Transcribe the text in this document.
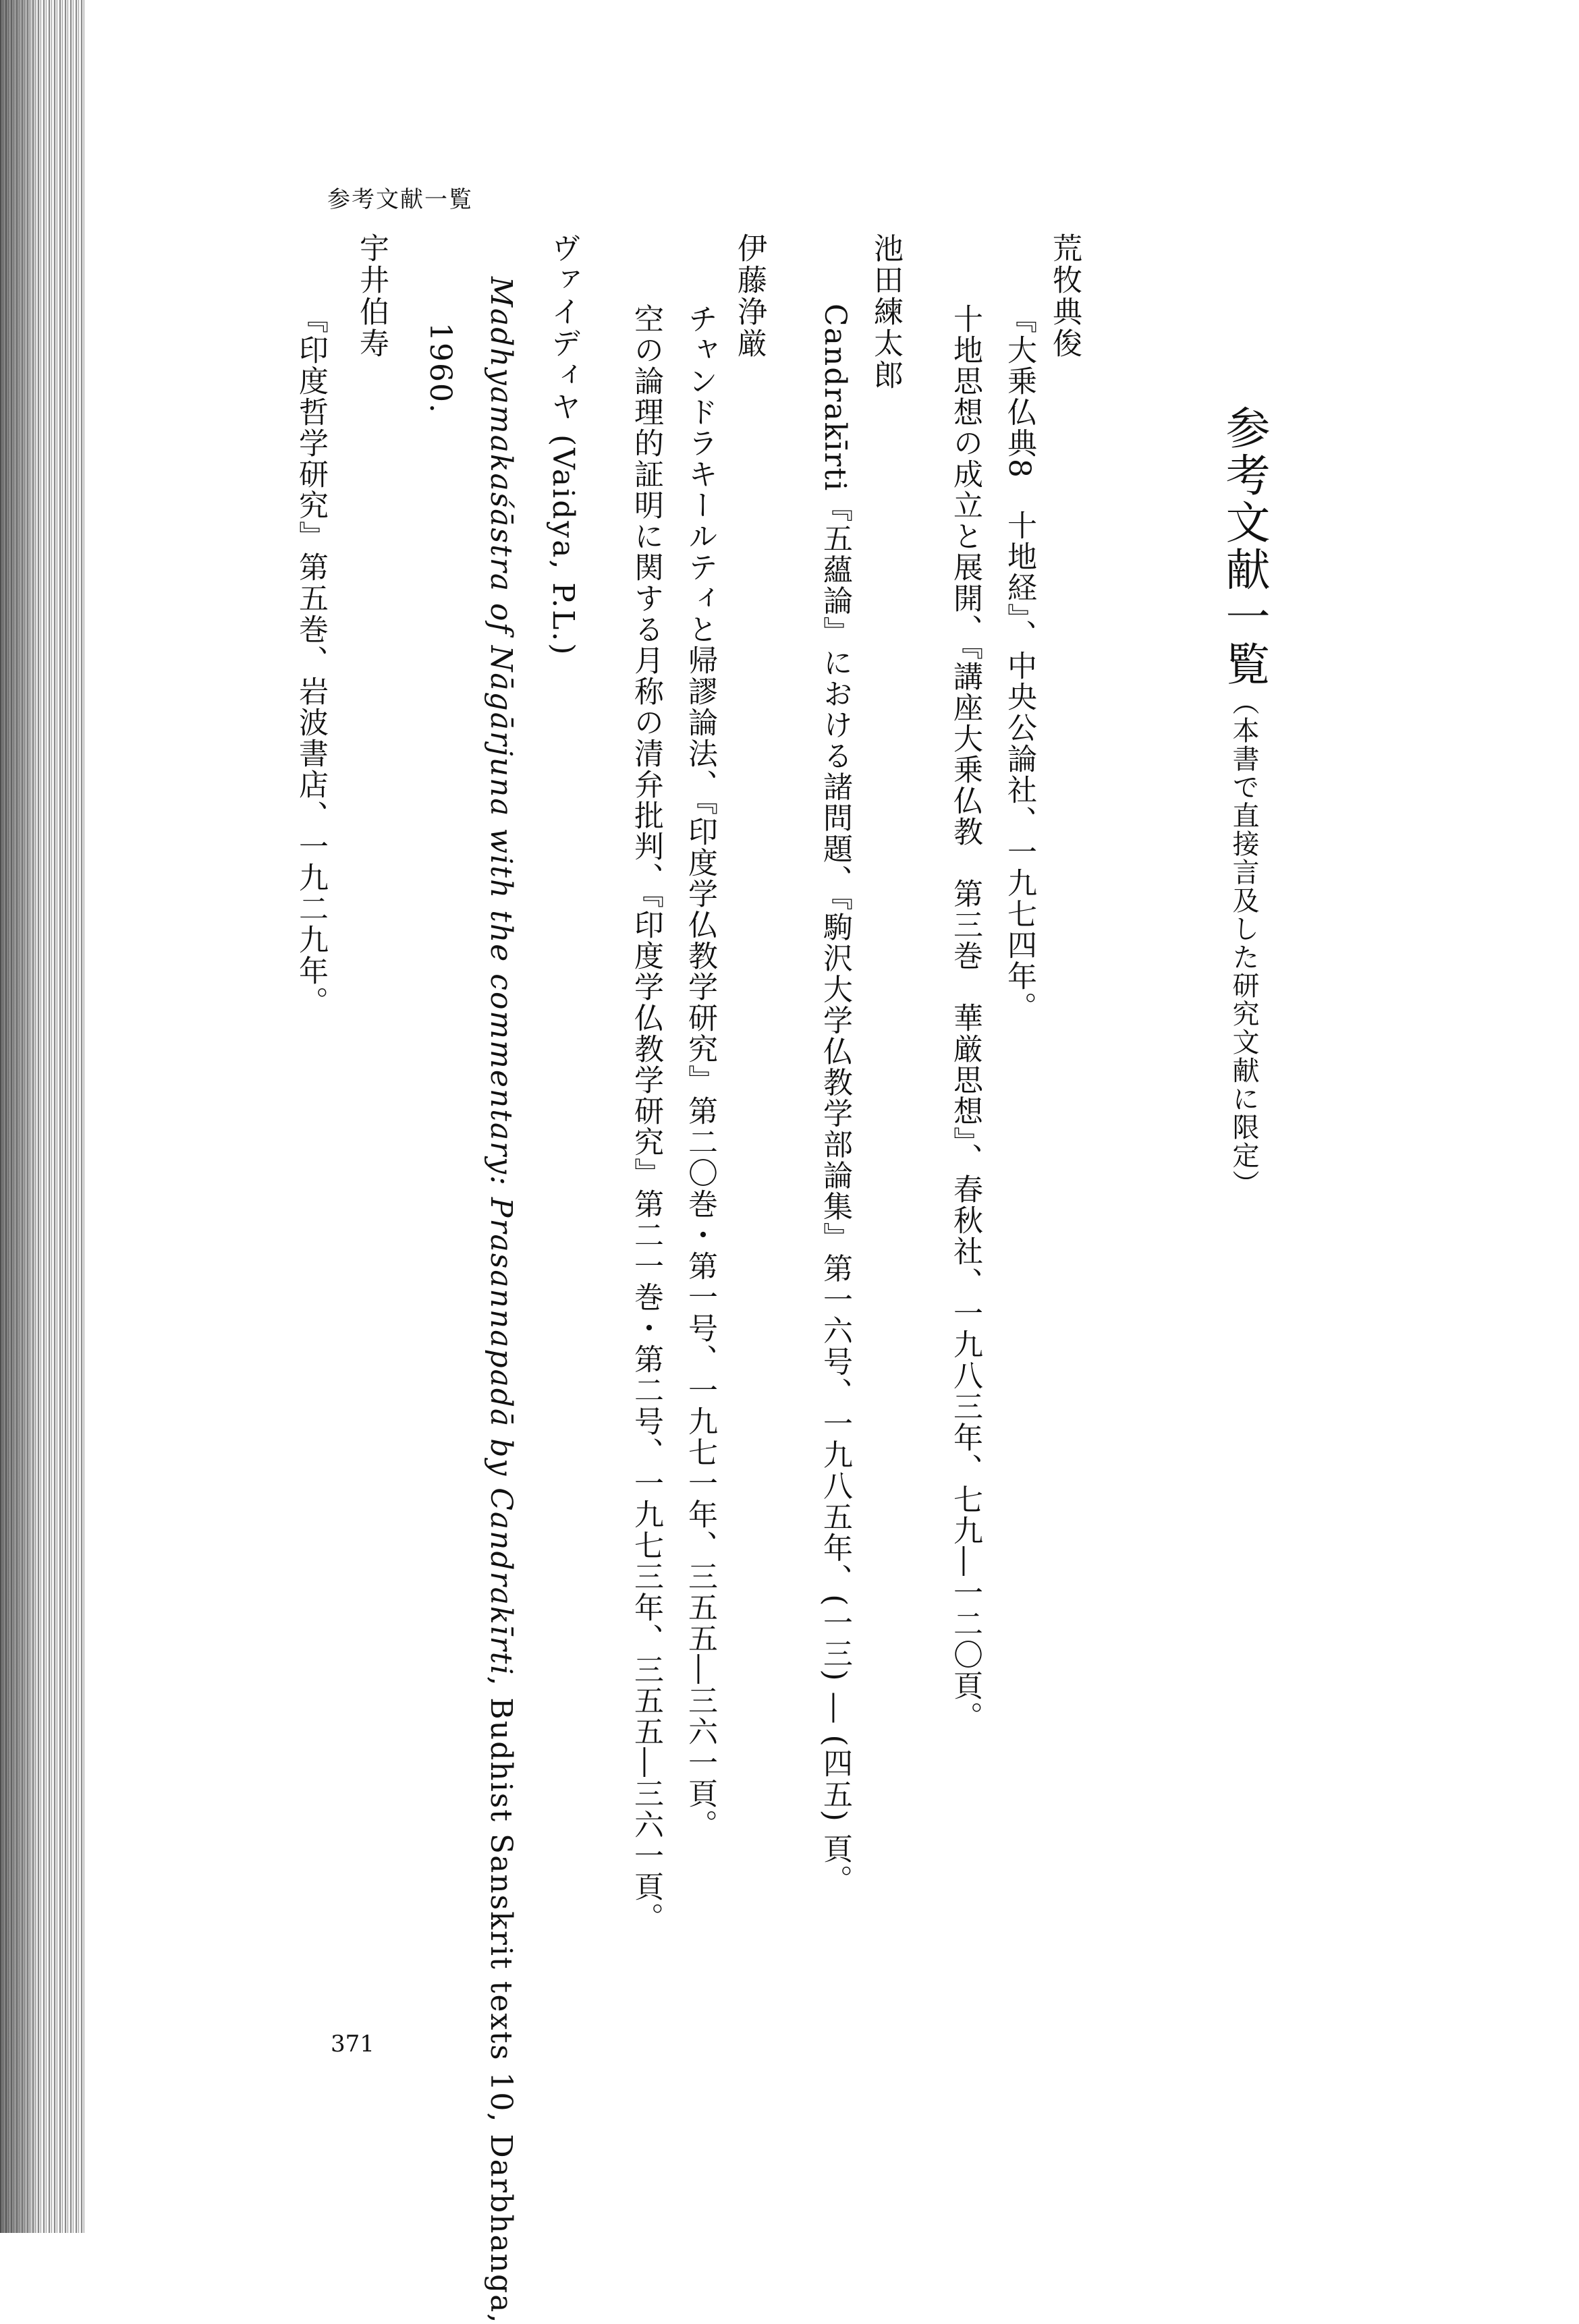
参考文献一覧
参考文献一覧（本書で直接言及した研究文献に限定）
荒牧典俊
『大乗仏典8　十地経』、中央公論社、一九七四年。
十地思想の成立と展開、『講座大乗仏教　第三巻　華厳思想』、春秋社、一九八三年、七九―一二〇頁。
池田練太郎
Candrakīrti『五蘊論』における諸問題、『駒沢大学仏教学部論集』第一六号、一九八五年、(一三) ― (四五) 頁。
伊藤浄厳
チャンドラキールティと帰謬論法、『印度学仏教学研究』第二〇巻・第一号、一九七一年、三五五―三六一頁。
空の論理的証明に関する月称の清弁批判、『印度学仏教学研究』第二一巻・第二号、一九七三年、三五五―三六一頁。
ヴァイディヤ (Vaidya, P.L.)
Madhyamakaśāstra of Nāgārjuna with the commentary: Prasannapadā by Candrakīrti, Budhist Sanskrit texts 10, Darbhanga,
1960.
宇井伯寿
『印度哲学研究』第五巻、岩波書店、一九二九年。
371
